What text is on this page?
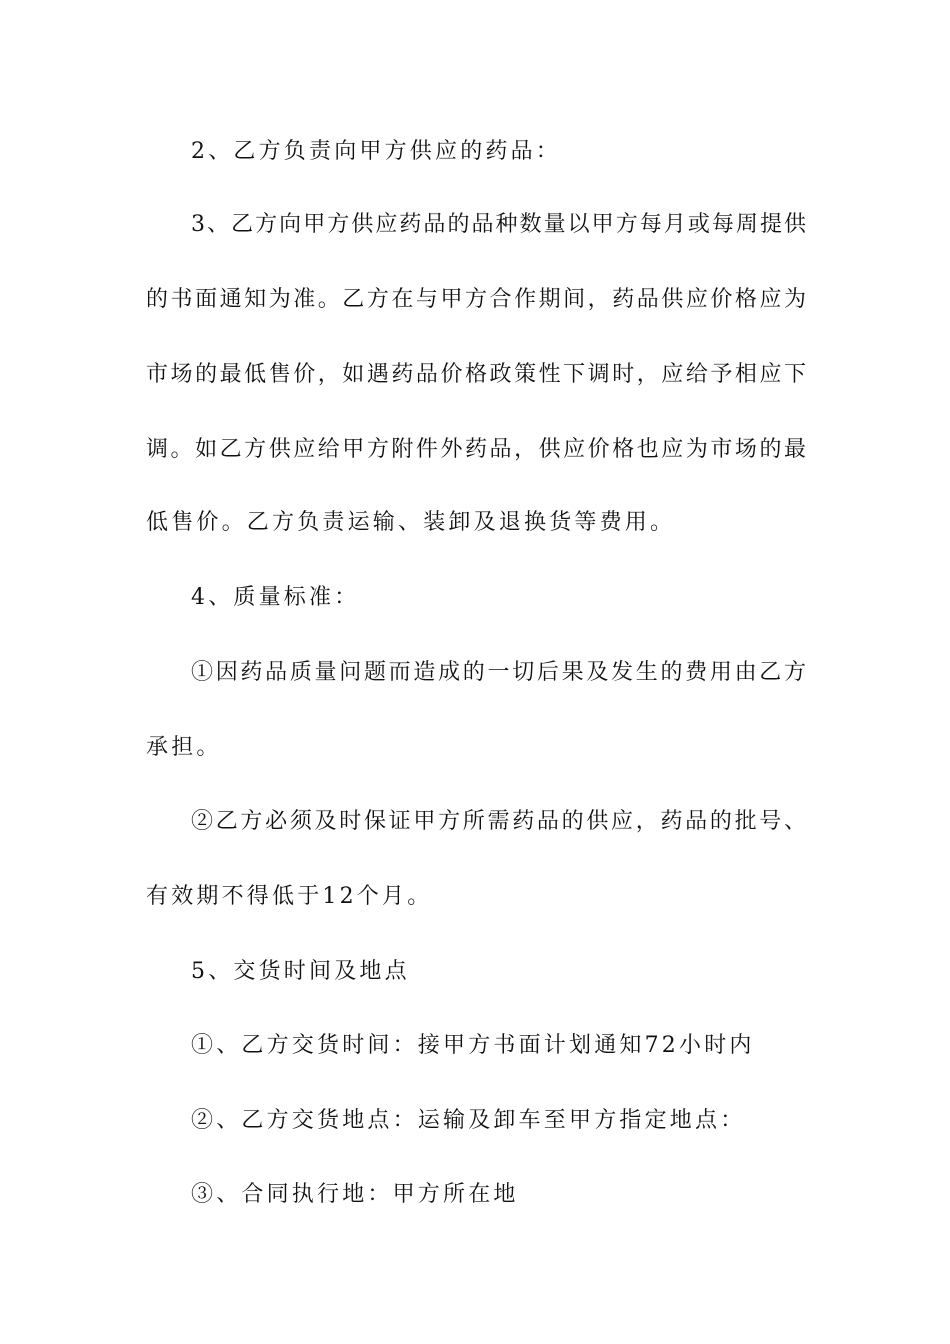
2、乙方负责向甲方供应的药品：
3、乙方向甲方供应药品的品种数量以甲方每月或每周提供
的书面通知为准。乙方在与甲方合作期间，药品供应价格应为
市场的最低售价，如遇药品价格政策性下调时，应给予相应下
调。如乙方供应给甲方附件外药品，供应价格也应为市场的最
低售价。乙方负责运输、装卸及退换货等费用。
4、质量标准：
①因药品质量问题而造成的一切后果及发生的费用由乙方
承担。
②乙方必须及时保证甲方所需药品的供应，药品的批号、
有效期不得低于12个月。
5、交货时间及地点
①、乙方交货时间：接甲方书面计划通知72小时内
②、乙方交货地点：运输及卸车至甲方指定地点：
③、合同执行地：甲方所在地
